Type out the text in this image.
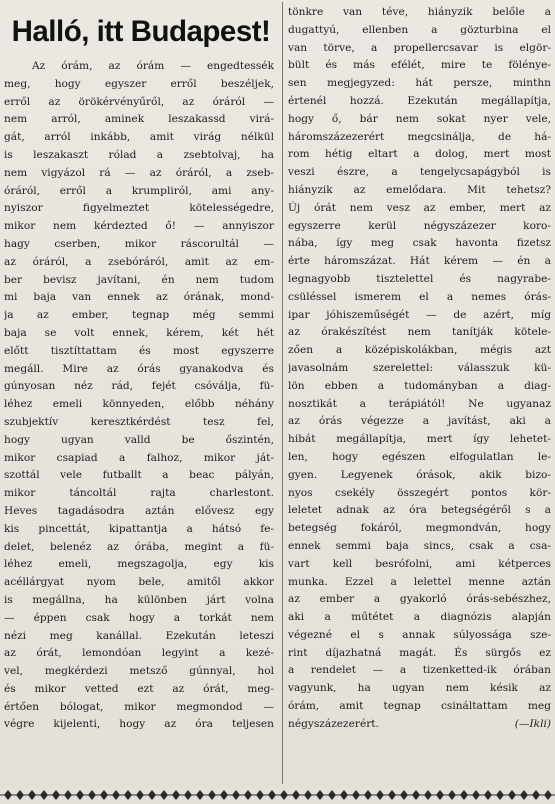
Halló, itt Budapest!
Az órám, az órám — engedtessék
meg, hogy egyszer erről beszéljek,
erről az örökérvényűről, az óráról —
nem arról, aminek leszakassd virá-
gát, arról inkább, amit virág nélkül
is leszakaszt rólad a zsebtolvaj, ha
nem vigyázol rá — az óráról, a zseb-
óráról, erről a krumpliról, ami any-
nyiszor figyelmeztet kötelességedre,
mikor nem kérdezted ő! — annyiszor
hagy cserben, mikor ráscorultál —
az óráról, a zsebóráról, amit az em-
ber bevisz javítani, én nem tudom
mi baja van ennek az órának, mond-
ja az ember, tegnap még semmi
baja se volt ennek, kérem, két hét
előtt tisztíttattam és most egyszerre
megáll. Mire az órás gyanakodva és
gúnyosan néz rád, fejét csóválja, fü-
léhez emeli könnyeden, előbb néhány
szubjektív keresztkérdést tesz fel,
hogy ugyan valld be őszintén,
mikor csapiad a falhoz, mikor ját-
szottál vele futballt a beac pályán,
mikor táncoltál rajta charlestont.
Heves tagadásodra aztán elővesz egy
kis pincettát, kipattantja a hátsó fe-
delet, belenéz az órába, megint a fü-
léhez emeli, megszagolja, egy kis
acéllárgyat nyom bele, amitől akkor
is megállna, ha különben járt volna
— éppen csak hogy a torkát nem
nézi meg kanállal. Ezekután leteszi
az órát, lemondóan legyint a kezé-
vel, megkérdezi metsző gúnnyal, hol
és mikor vetted ezt az órát, meg-
értően bólogat, mikor megmondod —
végre kijelenti, hogy az óra teljesen
tönkre van téve, hiányzik belőle a
dugattyú, ellenben a gözturbina el
van törve, a propellercsavar is elgör-
bült és más efélét, mire te fölénye-
sen megjegyzed: hát persze, minthn
értenél hozzá. Ezekután megállapítja,
hogy ő, bár nem sokat nyer vele,
háromszázezerért megcsinálja, de há-
rom hétig eltart a dolog, mert most
veszi észre, a tengelycsapágyból is
hiányzik az emelődara. Mit tehetsz?
Új órát nem vesz az ember, mert az
egyszerre kerül négyszázezer koro-
nába, így meg csak havonta fizetsz
érte háromszázat. Hát kérem — én a
legnagyobb tisztelettel és nagyrabe-
csüléssel ismerem el a nemes órás-
ipar jóhiszeműségét — de azért, míg
az órakészítést nem tanítják kötele-
zően a középiskolákban, mégis azt
javasolnám szerelettel: válasszuk kü-
lön ebben a tudományban a diag-
nosztikát a terápiától! Ne ugyanaz
az órás végezze a javítást, aki a
hibát megállapítja, mert így lehetet-
len, hogy egészen elfogulatlan le-
gyen. Legyenek órások, akik bizo-
nyos csekély összegért pontos kör-
leletet adnak az óra betegségéről s a
betegség fokáról, megmondván, hogy
ennek semmi baja sincs, csak a csa-
vart kell besrófolni, ami kétperces
munka. Ezzel a lelettel menne aztán
az ember a gyakorló órás-sebészhez,
aki a műtétet a diagnózis alapján
végezné el s annak súlyossága sze-
rint díjazhatná magát. És sürgős ez
a rendelet — a tizenketted-ik órában
vagyunk, ha ugyan nem késik az
órám, amit tegnap csináltattam meg
négyszázezerért.	(—Ikli)
